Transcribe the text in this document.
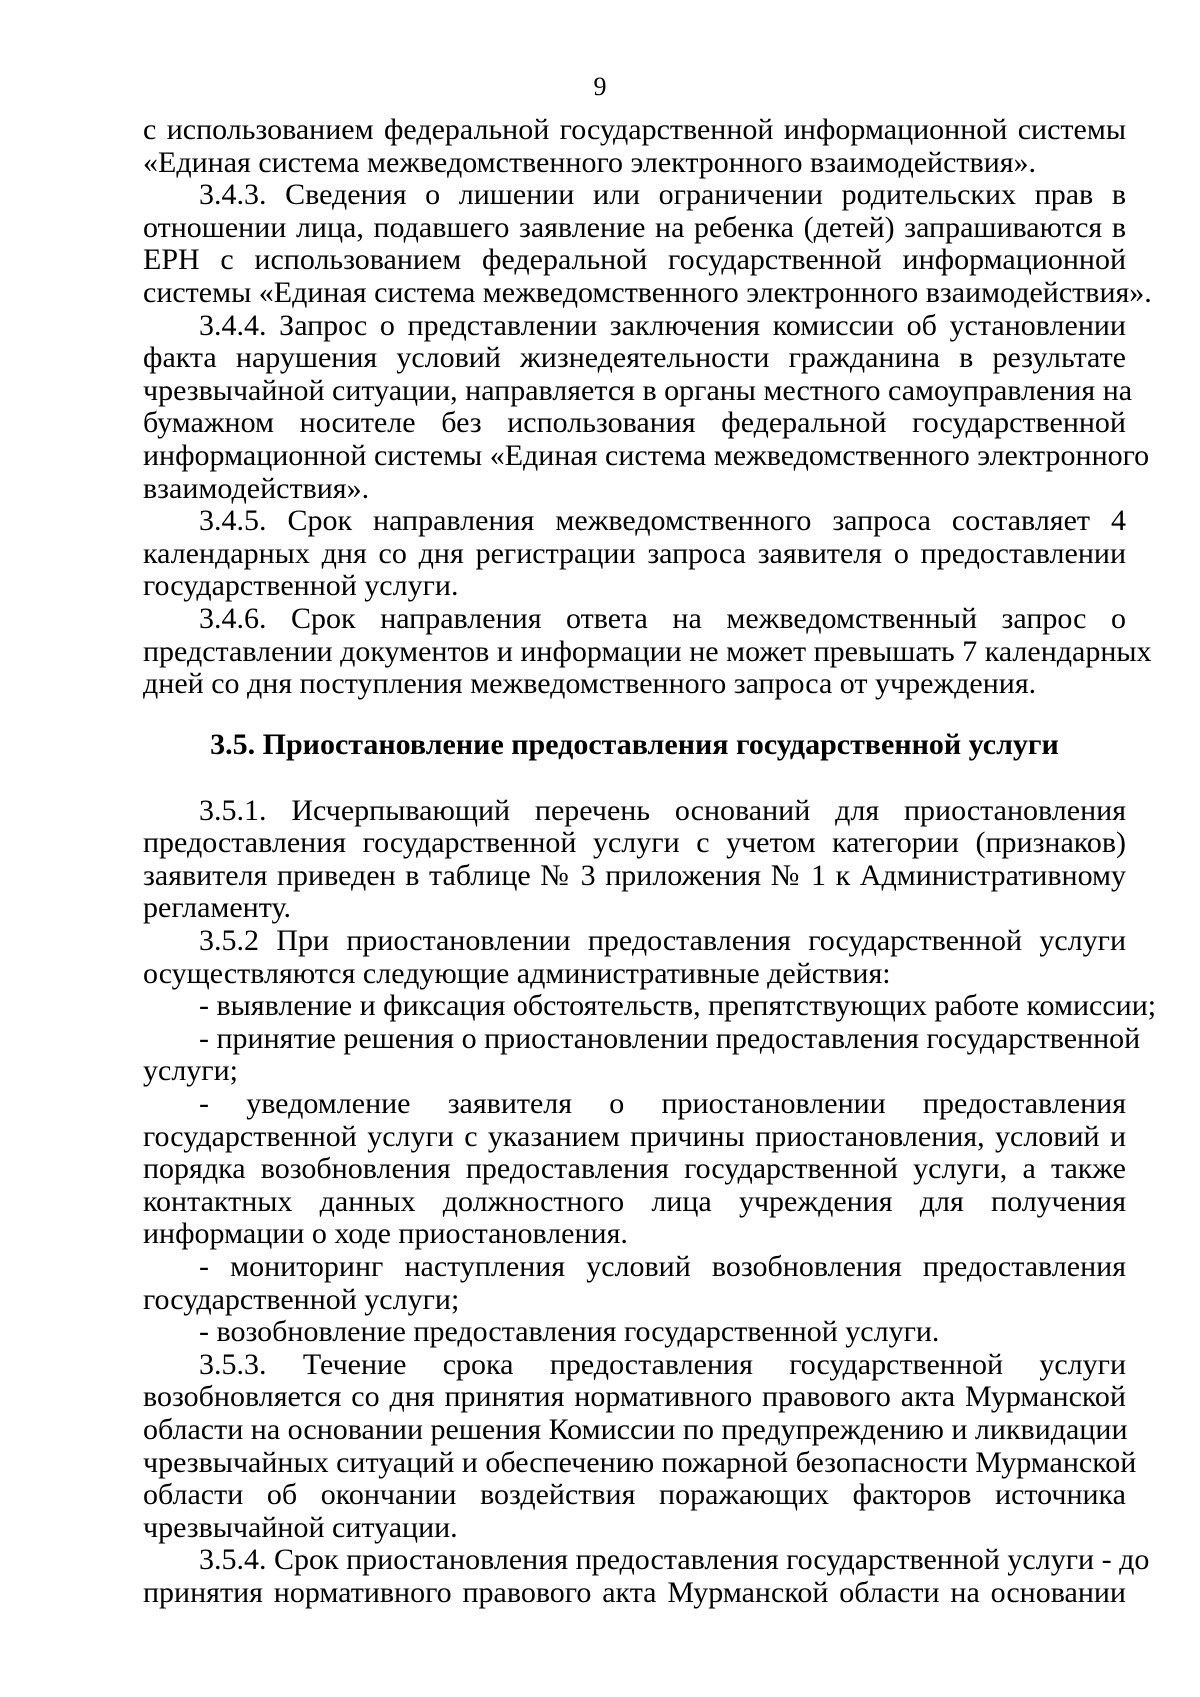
9
с использованием федеральной государственной информационной системы
«Единая система межведомственного электронного взаимодействия».
3.4.3. Сведения о лишении или ограничении родительских прав в
отношении лица, подавшего заявление на ребенка (детей) запрашиваются в
ЕРН с использованием федеральной государственной информационной
системы «Единая система межведомственного электронного взаимодействия».
3.4.4. Запрос о представлении заключения комиссии об установлении
факта нарушения условий жизнедеятельности гражданина в результате
чрезвычайной ситуации, направляется в органы местного самоуправления на
бумажном носителе без использования федеральной государственной
информационной системы «Единая система межведомственного электронного
взаимодействия».
3.4.5. Срок направления межведомственного запроса составляет 4
календарных дня со дня регистрации запроса заявителя о предоставлении
государственной услуги.
3.4.6. Срок направления ответа на межведомственный запрос о
представлении документов и информации не может превышать 7 календарных
дней со дня поступления межведомственного запроса от учреждения.
3.5. Приостановление предоставления государственной услуги
3.5.1. Исчерпывающий перечень оснований для приостановления
предоставления государственной услуги с учетом категории (признаков)
заявителя приведен в таблице № 3 приложения № 1 к Административному
регламенту.
3.5.2 При приостановлении предоставления государственной услуги
осуществляются следующие административные действия:
- выявление и фиксация обстоятельств, препятствующих работе комиссии;
- принятие решения о приостановлении предоставления государственной
услуги;
- уведомление заявителя о приостановлении предоставления
государственной услуги с указанием причины приостановления, условий и
порядка возобновления предоставления государственной услуги, а также
контактных данных должностного лица учреждения для получения
информации о ходе приостановления.
- мониторинг наступления условий возобновления предоставления
государственной услуги;
- возобновление предоставления государственной услуги.
3.5.3. Течение срока предоставления государственной услуги
возобновляется со дня принятия нормативного правового акта Мурманской
области на основании решения Комиссии по предупреждению и ликвидации
чрезвычайных ситуаций и обеспечению пожарной безопасности Мурманской
области об окончании воздействия поражающих факторов источника
чрезвычайной ситуации.
3.5.4. Срок приостановления предоставления государственной услуги - до
принятия нормативного правового акта Мурманской области на основании
